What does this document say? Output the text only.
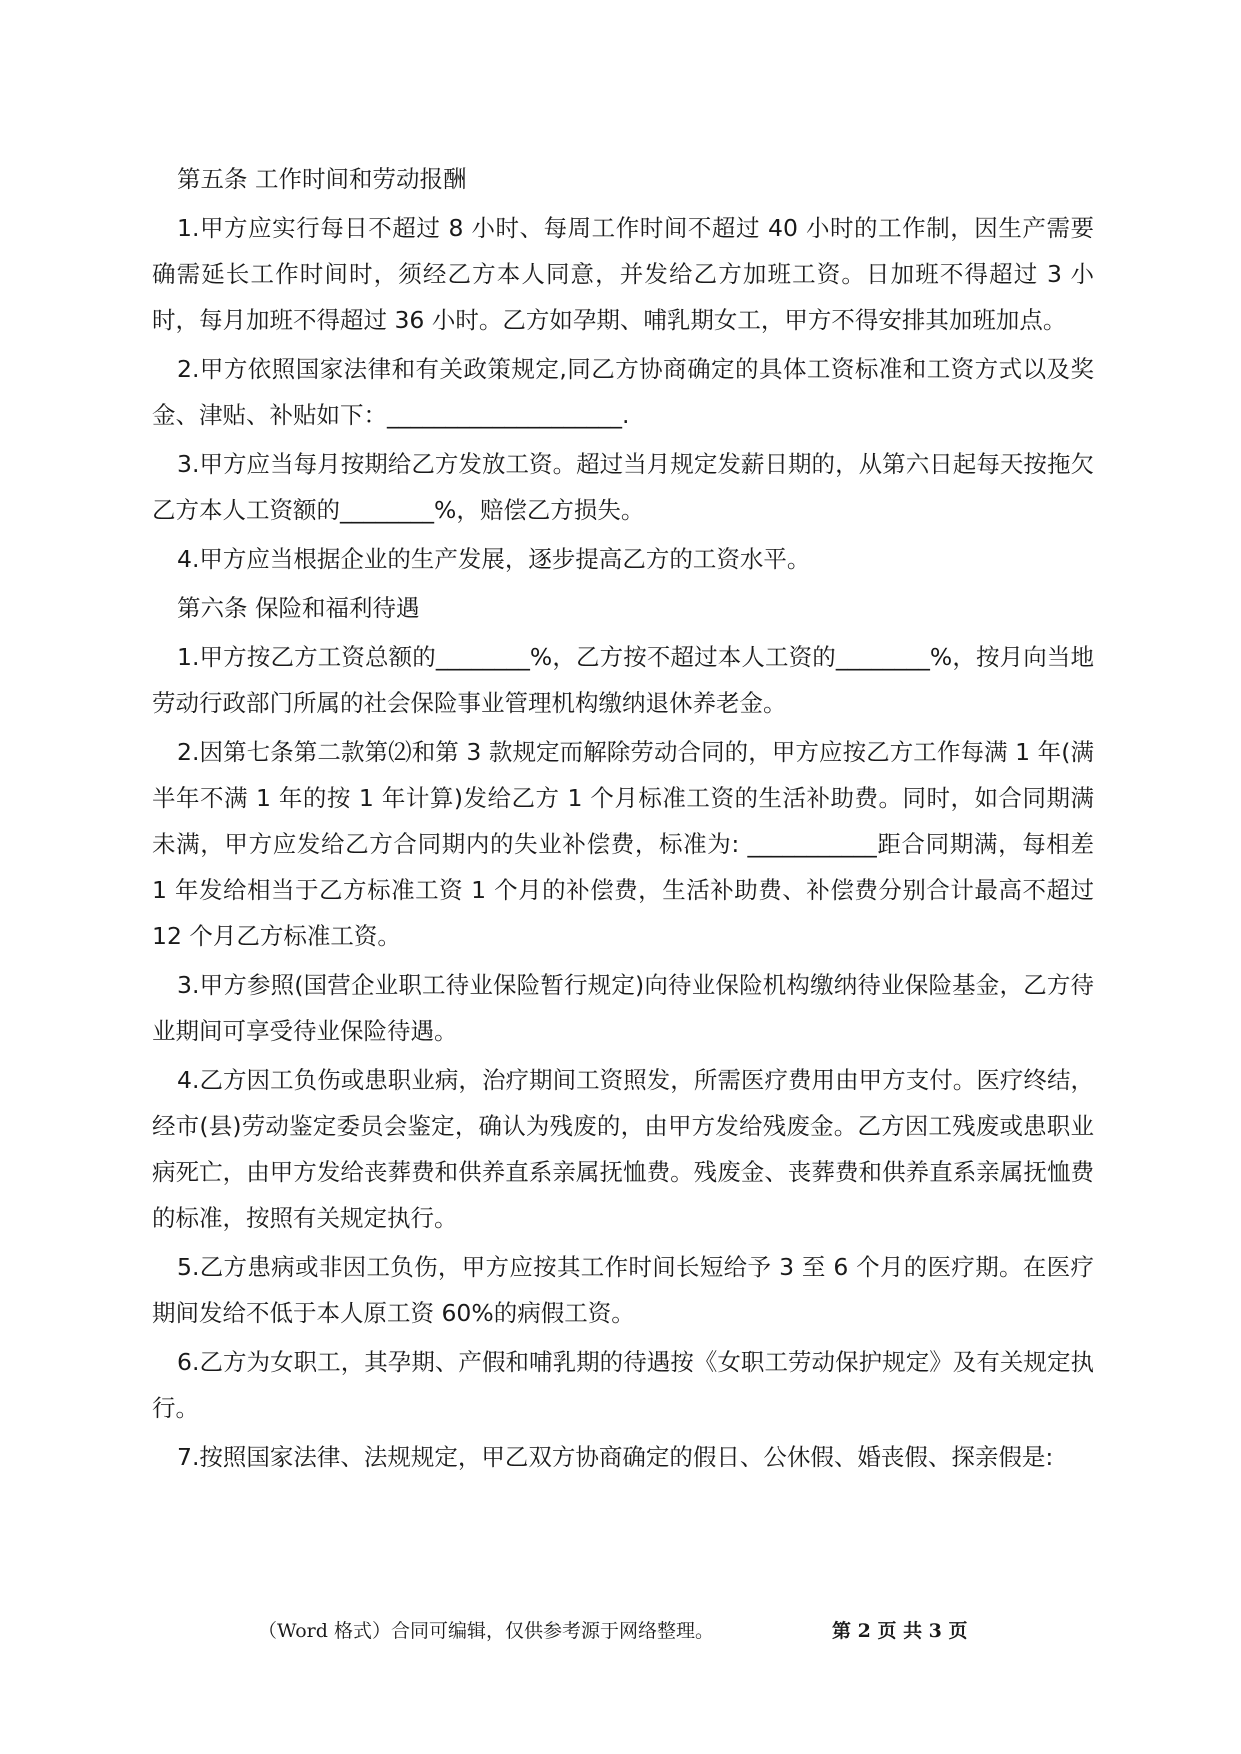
第五条 工作时间和劳动报酬

1.甲方应实行每日不超过 8 小时、每周工作时间不超过 40 小时的工作制，因生产需要确需延长工作时间时，须经乙方本人同意，并发给乙方加班工资。日加班不得超过 3 小时，每月加班不得超过 36 小时。乙方如孕期、哺乳期女工，甲方不得安排其加班加点。

2.甲方依照国家法律和有关政策规定,同乙方协商确定的具体工资标准和工资方式以及奖金、津贴、补贴如下：____________________.

3.甲方应当每月按期给乙方发放工资。超过当月规定发薪日期的，从第六日起每天按拖欠乙方本人工资额的________%，赔偿乙方损失。

4.甲方应当根据企业的生产发展，逐步提高乙方的工资水平。

第六条 保险和福利待遇

1.甲方按乙方工资总额的________%，乙方按不超过本人工资的________%，按月向当地劳动行政部门所属的社会保险事业管理机构缴纳退休养老金。

2.因第七条第二款第⑵和第 3 款规定而解除劳动合同的，甲方应按乙方工作每满 1 年(满半年不满 1 年的按 1 年计算)发给乙方 1 个月标准工资的生活补助费。同时，如合同期满未满，甲方应发给乙方合同期内的失业补偿费，标准为: ___________距合同期满，每相差 1 年发给相当于乙方标准工资 1 个月的补偿费，生活补助费、补偿费分别合计最高不超过 12 个月乙方标准工资。

3.甲方参照(国营企业职工待业保险暂行规定)向待业保险机构缴纳待业保险基金，乙方待业期间可享受待业保险待遇。

4.乙方因工负伤或患职业病，治疗期间工资照发，所需医疗费用由甲方支付。医疗终结，经市(县)劳动鉴定委员会鉴定，确认为残废的，由甲方发给残废金。乙方因工残废或患职业病死亡，由甲方发给丧葬费和供养直系亲属抚恤费。残废金、丧葬费和供养直系亲属抚恤费的标准，按照有关规定执行。

5.乙方患病或非因工负伤，甲方应按其工作时间长短给予 3 至 6 个月的医疗期。在医疗期间发给不低于本人原工资 60%的病假工资。

6.乙方为女职工，其孕期、产假和哺乳期的待遇按《女职工劳动保护规定》及有关规定执行。

7.按照国家法律、法规规定，甲乙双方协商确定的假日、公休假、婚丧假、探亲假是:

（Word 格式）合同可编辑，仅供参考源于网络整理。	第 2 页 共 3 页
